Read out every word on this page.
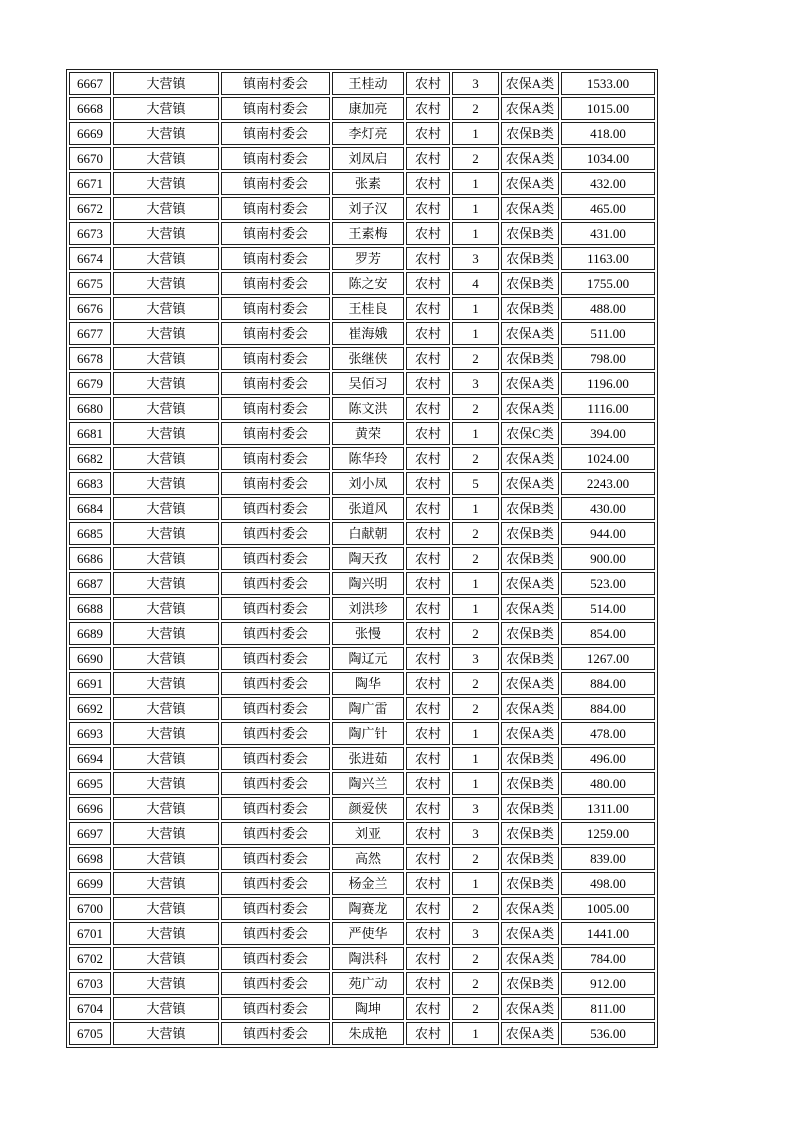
6667	大营镇	镇南村委会	王桂动	农村	3	农保A类	1533.00
6668	大营镇	镇南村委会	康加亮	农村	2	农保A类	1015.00
6669	大营镇	镇南村委会	李灯亮	农村	1	农保B类	418.00
6670	大营镇	镇南村委会	刘凤启	农村	2	农保A类	1034.00
6671	大营镇	镇南村委会	张素	农村	1	农保A类	432.00
6672	大营镇	镇南村委会	刘子汉	农村	1	农保A类	465.00
6673	大营镇	镇南村委会	王素梅	农村	1	农保B类	431.00
6674	大营镇	镇南村委会	罗芳	农村	3	农保B类	1163.00
6675	大营镇	镇南村委会	陈之安	农村	4	农保B类	1755.00
6676	大营镇	镇南村委会	王桂良	农村	1	农保B类	488.00
6677	大营镇	镇南村委会	崔海娥	农村	1	农保A类	511.00
6678	大营镇	镇南村委会	张继侠	农村	2	农保B类	798.00
6679	大营镇	镇南村委会	吴佰习	农村	3	农保A类	1196.00
6680	大营镇	镇南村委会	陈文洪	农村	2	农保A类	1116.00
6681	大营镇	镇南村委会	黄荣	农村	1	农保C类	394.00
6682	大营镇	镇南村委会	陈华玲	农村	2	农保A类	1024.00
6683	大营镇	镇南村委会	刘小凤	农村	5	农保A类	2243.00
6684	大营镇	镇西村委会	张道风	农村	1	农保B类	430.00
6685	大营镇	镇西村委会	白献朝	农村	2	农保B类	944.00
6686	大营镇	镇西村委会	陶天孜	农村	2	农保B类	900.00
6687	大营镇	镇西村委会	陶兴明	农村	1	农保A类	523.00
6688	大营镇	镇西村委会	刘洪珍	农村	1	农保A类	514.00
6689	大营镇	镇西村委会	张慢	农村	2	农保B类	854.00
6690	大营镇	镇西村委会	陶辽元	农村	3	农保B类	1267.00
6691	大营镇	镇西村委会	陶华	农村	2	农保A类	884.00
6692	大营镇	镇西村委会	陶广雷	农村	2	农保A类	884.00
6693	大营镇	镇西村委会	陶广针	农村	1	农保A类	478.00
6694	大营镇	镇西村委会	张进茹	农村	1	农保B类	496.00
6695	大营镇	镇西村委会	陶兴兰	农村	1	农保B类	480.00
6696	大营镇	镇西村委会	颜爱侠	农村	3	农保B类	1311.00
6697	大营镇	镇西村委会	刘亚	农村	3	农保B类	1259.00
6698	大营镇	镇西村委会	高然	农村	2	农保B类	839.00
6699	大营镇	镇西村委会	杨金兰	农村	1	农保B类	498.00
6700	大营镇	镇西村委会	陶赛龙	农村	2	农保A类	1005.00
6701	大营镇	镇西村委会	严使华	农村	3	农保A类	1441.00
6702	大营镇	镇西村委会	陶洪科	农村	2	农保A类	784.00
6703	大营镇	镇西村委会	苑广动	农村	2	农保B类	912.00
6704	大营镇	镇西村委会	陶坤	农村	2	农保A类	811.00
6705	大营镇	镇西村委会	朱成艳	农村	1	农保A类	536.00
